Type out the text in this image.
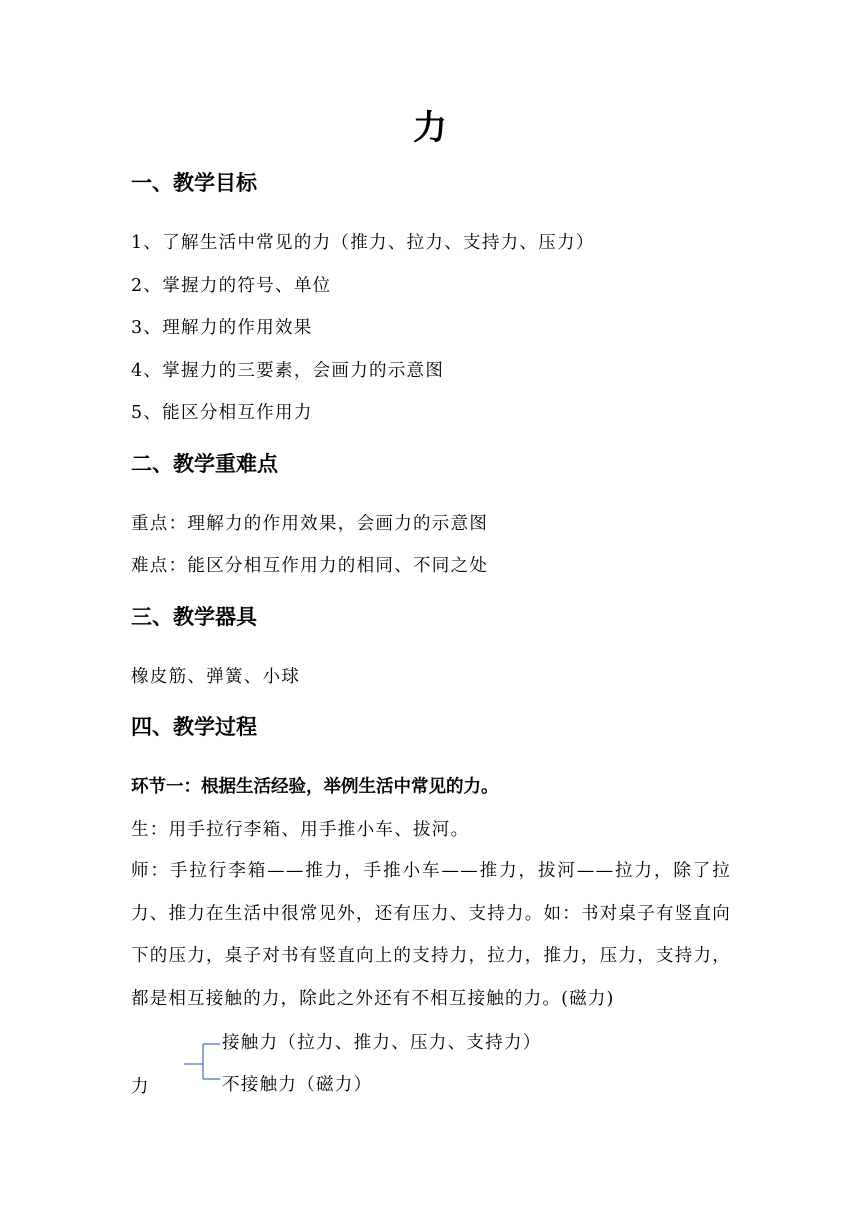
力
一、教学目标
1、了解生活中常见的力（推力、拉力、支持力、压力）
2、掌握力的符号、单位
3、理解力的作用效果
4、掌握力的三要素，会画力的示意图
5、能区分相互作用力
二、教学重难点
重点：理解力的作用效果，会画力的示意图
难点：能区分相互作用力的相同、不同之处
三、教学器具
橡皮筋、弹簧、小球
四、教学过程
环节一：根据生活经验，举例生活中常见的力。
生：用手拉行李箱、用手推小车、拔河。
师：手拉行李箱——推力，手推小车——推力，拔河——拉力，除了拉力、推力在生活中很常见外，还有压力、支持力。如：书对桌子有竖直向下的压力，桌子对书有竖直向上的支持力，拉力，推力，压力，支持力，都是相互接触的力，除此之外还有不相互接触的力。(磁力)
力
接触力（拉力、推力、压力、支持力）
不接触力（磁力）
